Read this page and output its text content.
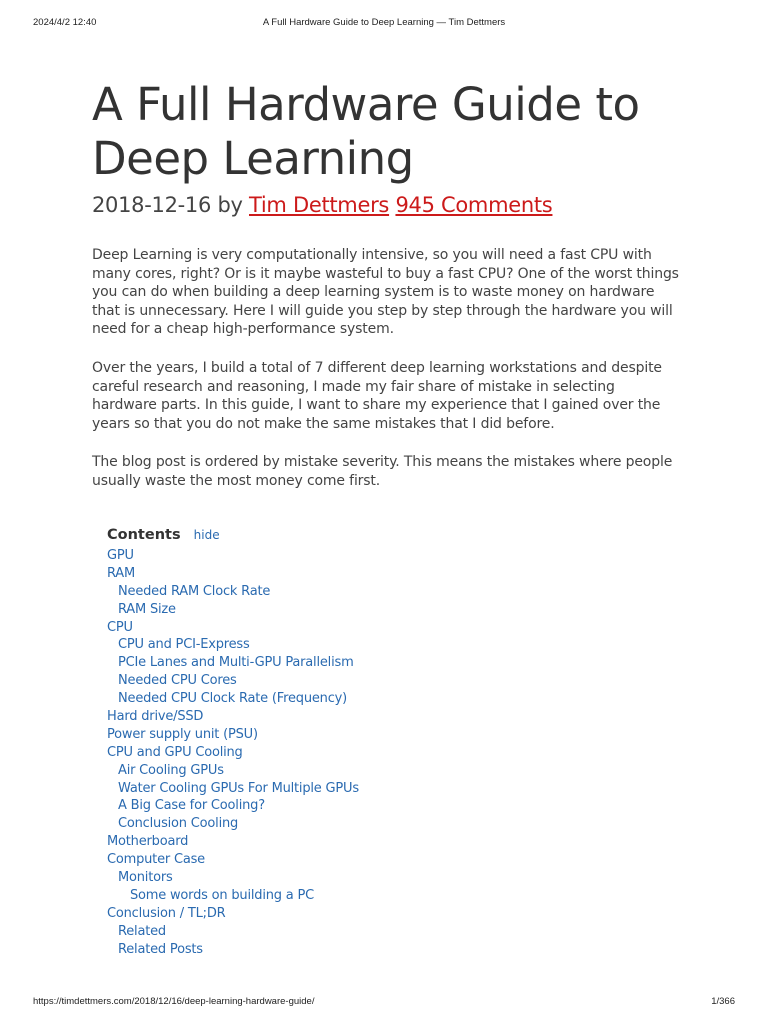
2024/4/2 12:40	A Full Hardware Guide to Deep Learning — Tim Dettmers
A Full Hardware Guide to Deep Learning
2018-12-16 by Tim Dettmers 945 Comments

Deep Learning is very computationally intensive, so you will need a fast CPU with many cores, right? Or is it maybe wasteful to buy a fast CPU? One of the worst things you can do when building a deep learning system is to waste money on hardware that is unnecessary. Here I will guide you step by step through the hardware you will need for a cheap high-performance system.

Over the years, I build a total of 7 different deep learning workstations and despite careful research and reasoning, I made my fair share of mistake in selecting hardware parts. In this guide, I want to share my experience that I gained over the years so that you do not make the same mistakes that I did before.

The blog post is ordered by mistake severity. This means the mistakes where people usually waste the most money come first.

Contents hide
GPU
RAM
Needed RAM Clock Rate
RAM Size
CPU
CPU and PCI-Express
PCIe Lanes and Multi-GPU Parallelism
Needed CPU Cores
Needed CPU Clock Rate (Frequency)
Hard drive/SSD
Power supply unit (PSU)
CPU and GPU Cooling
Air Cooling GPUs
Water Cooling GPUs For Multiple GPUs
A Big Case for Cooling?
Conclusion Cooling
Motherboard
Computer Case
Monitors
Some words on building a PC
Conclusion / TL;DR
Related
Related Posts
https://timdettmers.com/2018/12/16/deep-learning-hardware-guide/	1/366
